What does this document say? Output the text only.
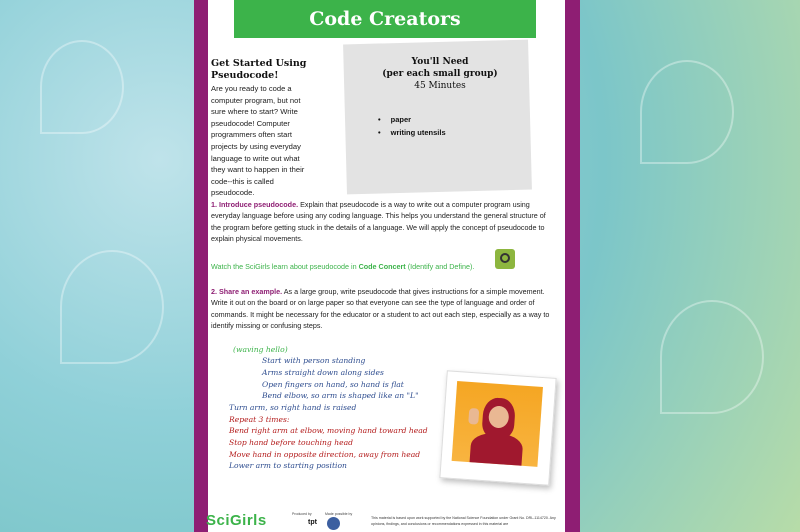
Code Creators
You'll Need
(per each small group)
45 Minutes
• paper
• writing utensils
Get Started Using Pseudocode!
Are you ready to code a computer program, but not sure where to start? Write pseudocode! Computer programmers often start projects by using everyday language to write out what they want to happen in their code--this is called pseudocode.
1. Introduce pseudocode. Explain that pseudocode is a way to write out a computer program using everyday language before using any coding language. This helps you understand the general structure of the program before getting stuck in the details of a language. We will apply the concept of pseudocode to explain physical movements.
Watch the SciGirls learn about pseudocode in Code Concert (Identify and Define).
2. Share an example. As a large group, write pseudocode that gives instructions for a simple movement. Write it out on the board or on large paper so that everyone can see the type of language and order of commands. It might be necessary for the educator or a student to act out each step, especially as a way to identify missing or confusing steps.
(waving hello)
Start with person standing
Arms straight down along sides
Open fingers on hand, so hand is flat
Bend elbow, so arm is shaped like an "L"
Turn arm, so right hand is raised
Repeat 3 times:
Bend right arm at elbow, moving hand toward head
Stop hand before touching head
Move hand in opposite direction, away from head
Lower arm to starting position
SciGirls	Produced by
tpt
Made possible by
This material is based upon work supported by the National Science Foundation under Grant No. DRL-1114720. Any opinions, findings, and conclusions or recommendations expressed in this material are
